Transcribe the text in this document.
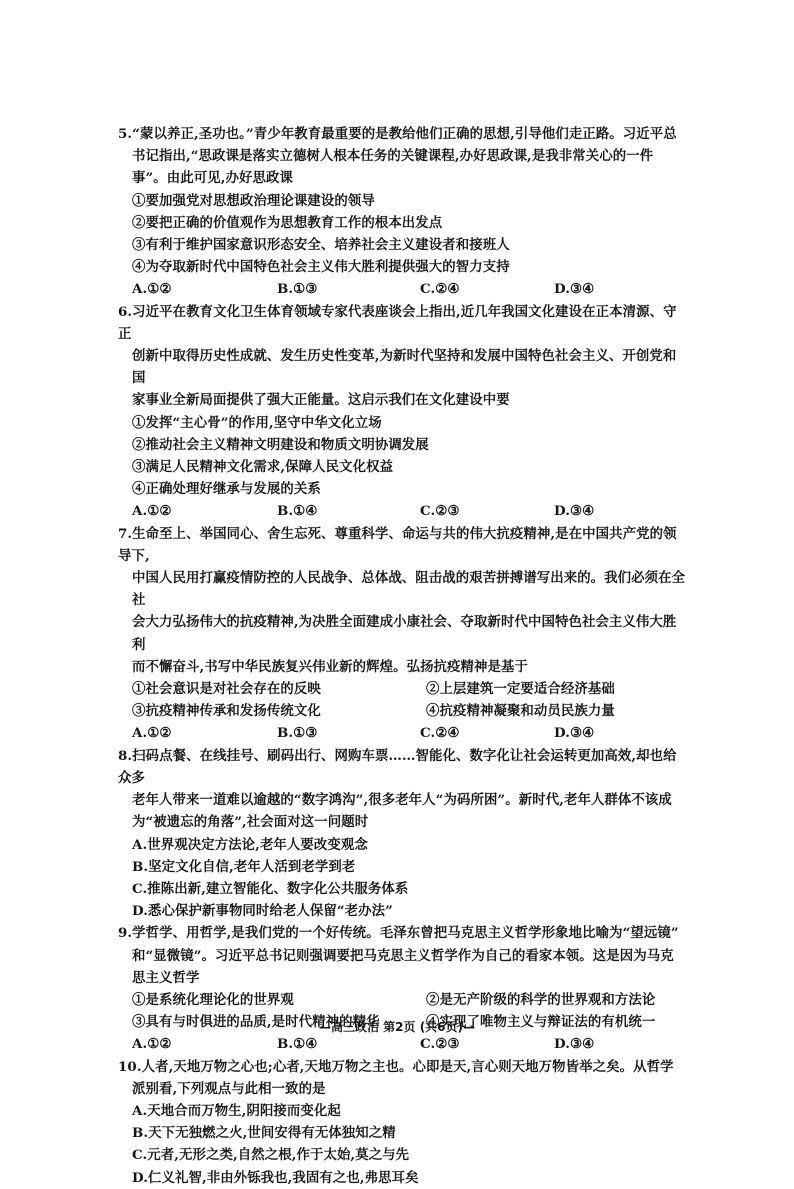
5.“蒙以养正,圣功也。”青少年教育最重要的是教给他们正确的思想,引导他们走正路。习近平总

书记指出,“思政课是落实立德树人根本任务的关键课程,办好思政课,是我非常关心的一件

事”。由此可见,办好思政课

①要加强党对思想政治理论课建设的领导

②要把正确的价值观作为思想教育工作的根本出发点

③有利于维护国家意识形态安全、培养社会主义建设者和接班人

④为夺取新时代中国特色社会主义伟大胜利提供强大的智力支持

A.①②	B.①③	C.②④	D.③④

6.习近平在教育文化卫生体育领域专家代表座谈会上指出,近几年我国文化建设在正本清源、守正

创新中取得历史性成就、发生历史性变革,为新时代坚持和发展中国特色社会主义、开创党和国

家事业全新局面提供了强大正能量。这启示我们在文化建设中要

①发挥“主心骨”的作用,坚守中华文化立场

②推动社会主义精神文明建设和物质文明协调发展

③满足人民精神文化需求,保障人民文化权益

④正确处理好继承与发展的关系

A.①②	B.①④	C.②③	D.③④

7.生命至上、举国同心、舍生忘死、尊重科学、命运与共的伟大抗疫精神,是在中国共产党的领导下,

中国人民用打赢疫情防控的人民战争、总体战、阻击战的艰苦拼搏谱写出来的。我们必须在全社

会大力弘扬伟大的抗疫精神,为决胜全面建成小康社会、夺取新时代中国特色社会主义伟大胜利

而不懈奋斗,书写中华民族复兴伟业新的辉煌。弘扬抗疫精神是基于

①社会意识是对社会存在的反映	②上层建筑一定要适合经济基础
③抗疫精神传承和发扬传统文化	④抗疫精神凝聚和动员民族力量
A.①②	B.①③	C.②④	D.③④

8.扫码点餐、在线挂号、刷码出行、网购车票……智能化、数字化让社会运转更加高效,却也给众多

老年人带来一道难以逾越的“数字鸿沟”,很多老年人“为码所困”。新时代,老年人群体不该成

为“被遗忘的角落”,社会面对这一问题时

A.世界观决定方法论,老年人要改变观念

B.坚定文化自信,老年人活到老学到老

C.推陈出新,建立智能化、数字化公共服务体系

D.悉心保护新事物同时给老人保留“老办法”

9.学哲学、用哲学,是我们党的一个好传统。毛泽东曾把马克思主义哲学形象地比喻为“望远镜”

和“显微镜”。习近平总书记则强调要把马克思主义哲学作为自己的看家本领。这是因为马克

思主义哲学

①是系统化理论化的世界观	②是无产阶级的科学的世界观和方法论
③具有与时俱进的品质,是时代精神的精华	④实现了唯物主义与辩证法的有机统一
A.①②	B.①④	C.②③	D.③④

10.人者,天地万物之心也;心者,天地万物之主也。心即是天,言心则天地万物皆举之矣。从哲学

派别看,下列观点与此相一致的是

A.天地合而万物生,阴阳接而变化起

B.天下无独燃之火,世间安得有无体独知之精

C.元者,无形之类,自然之根,作于太始,莫之与先

D.仁义礼智,非由外铄我也,我固有之也,弗思耳矣

—高三政治 第2页 (共6页)—
